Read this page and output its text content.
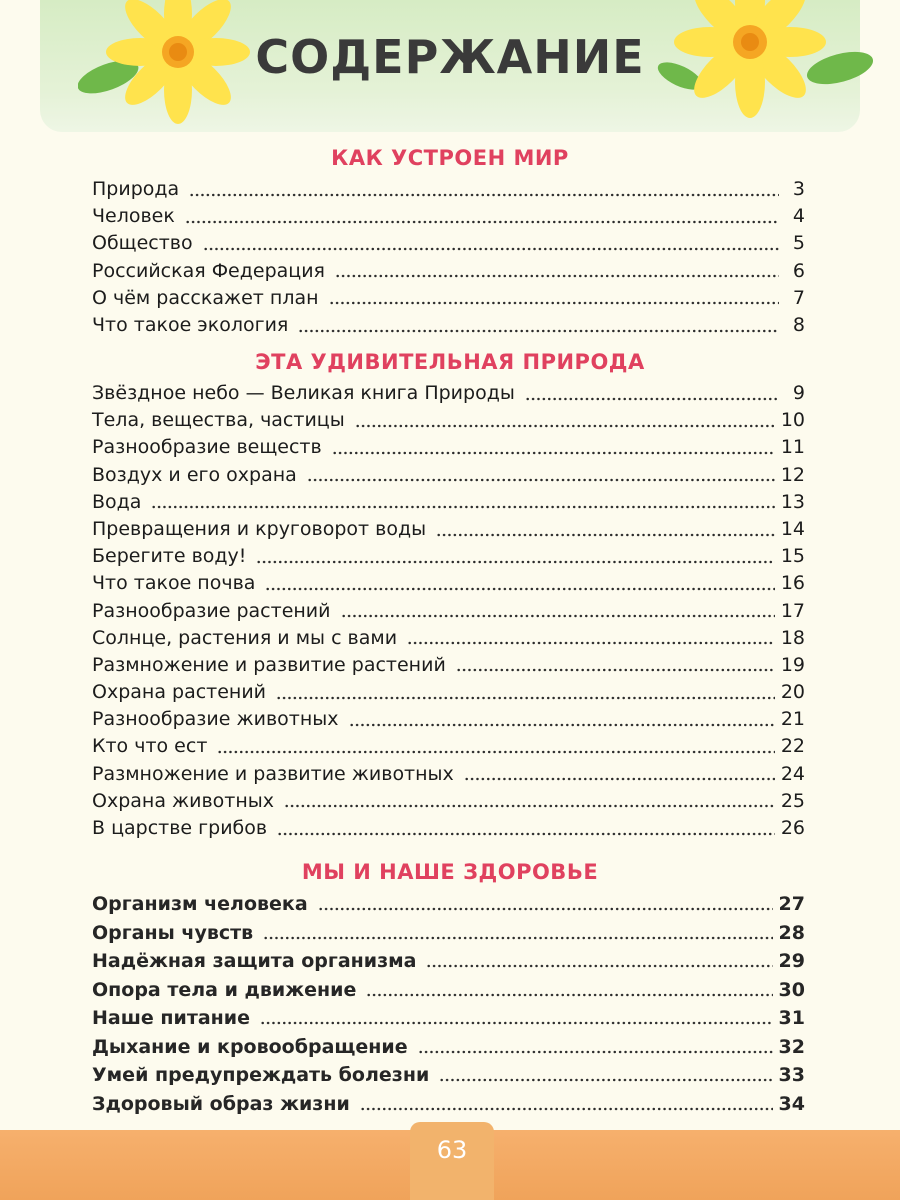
СОДЕРЖАНИЕ
КАК УСТРОЕН МИР
Природа	3
Человек	4
Общество	5
Российская Федерация	6
О чём расскажет план	7
Что такое экология	8
ЭТА УДИВИТЕЛЬНАЯ ПРИРОДА
Звёздное небо — Великая книга Природы	9
Тела, вещества, частицы	10
Разнообразие веществ	11
Воздух и его охрана	12
Вода	13
Превращения и круговорот воды	14
Берегите воду!	15
Что такое почва	16
Разнообразие растений	17
Солнце, растения и мы с вами	18
Размножение и развитие растений	19
Охрана растений	20
Разнообразие животных	21
Кто что ест	22
Размножение и развитие животных	24
Охрана животных	25
В царстве грибов	26
МЫ И НАШЕ ЗДОРОВЬЕ
Организм человека	27
Органы чувств	28
Надёжная защита организма	29
Опора тела и движение	30
Наше питание	31
Дыхание и кровообращение	32
Умей предупреждать болезни	33
Здоровый образ жизни	34
63
